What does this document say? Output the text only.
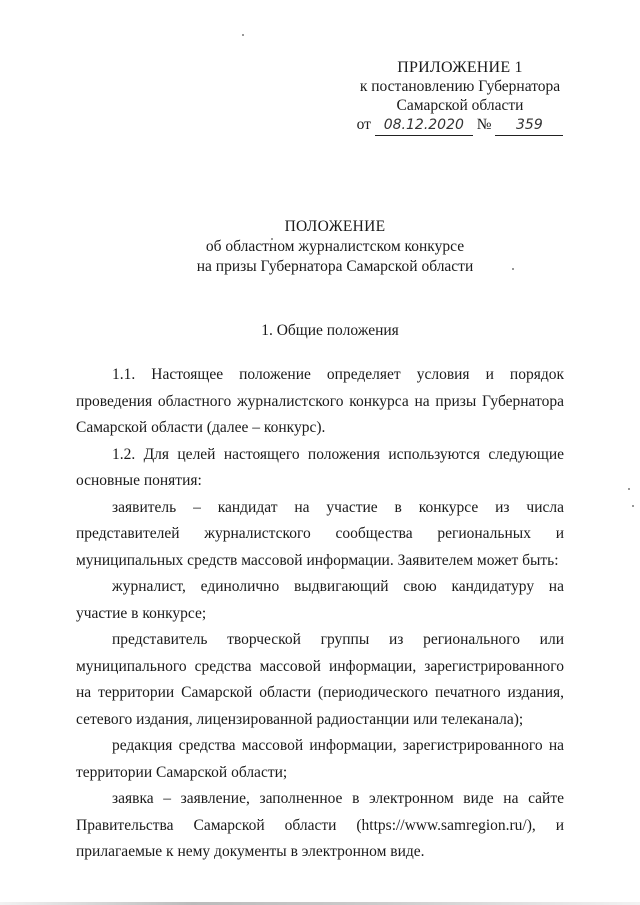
ПРИЛОЖЕНИЕ 1
к постановлению Губернатора
Самарской области
от 08.12.2020 № 359
ПОЛОЖЕНИЕ
об областном журналистском конкурсе
на призы Губернатора Самарской области
1. Общие положения

1.1. Настоящее положение определяет условия и порядок проведения областного журналистского конкурса на призы Губернатора Самарской области (далее – конкурс).

1.2. Для целей настоящего положения используются следующие основные понятия:

заявитель – кандидат на участие в конкурсе из числа представителей журналистского сообщества региональных и муниципальных средств массовой информации. Заявителем может быть:

журналист, единолично выдвигающий свою кандидатуру на участие в конкурсе;

представитель творческой группы из регионального или муниципального средства массовой информации, зарегистрированного на территории Самарской области (периодического печатного издания, сетевого издания, лицензированной радиостанции или телеканала);

редакция средства массовой информации, зарегистрированного на территории Самарской области;

заявка – заявление, заполненное в электронном виде на сайте Правительства Самарской области (https://www.samregion.ru/), и прилагаемые к нему документы в электронном виде.
